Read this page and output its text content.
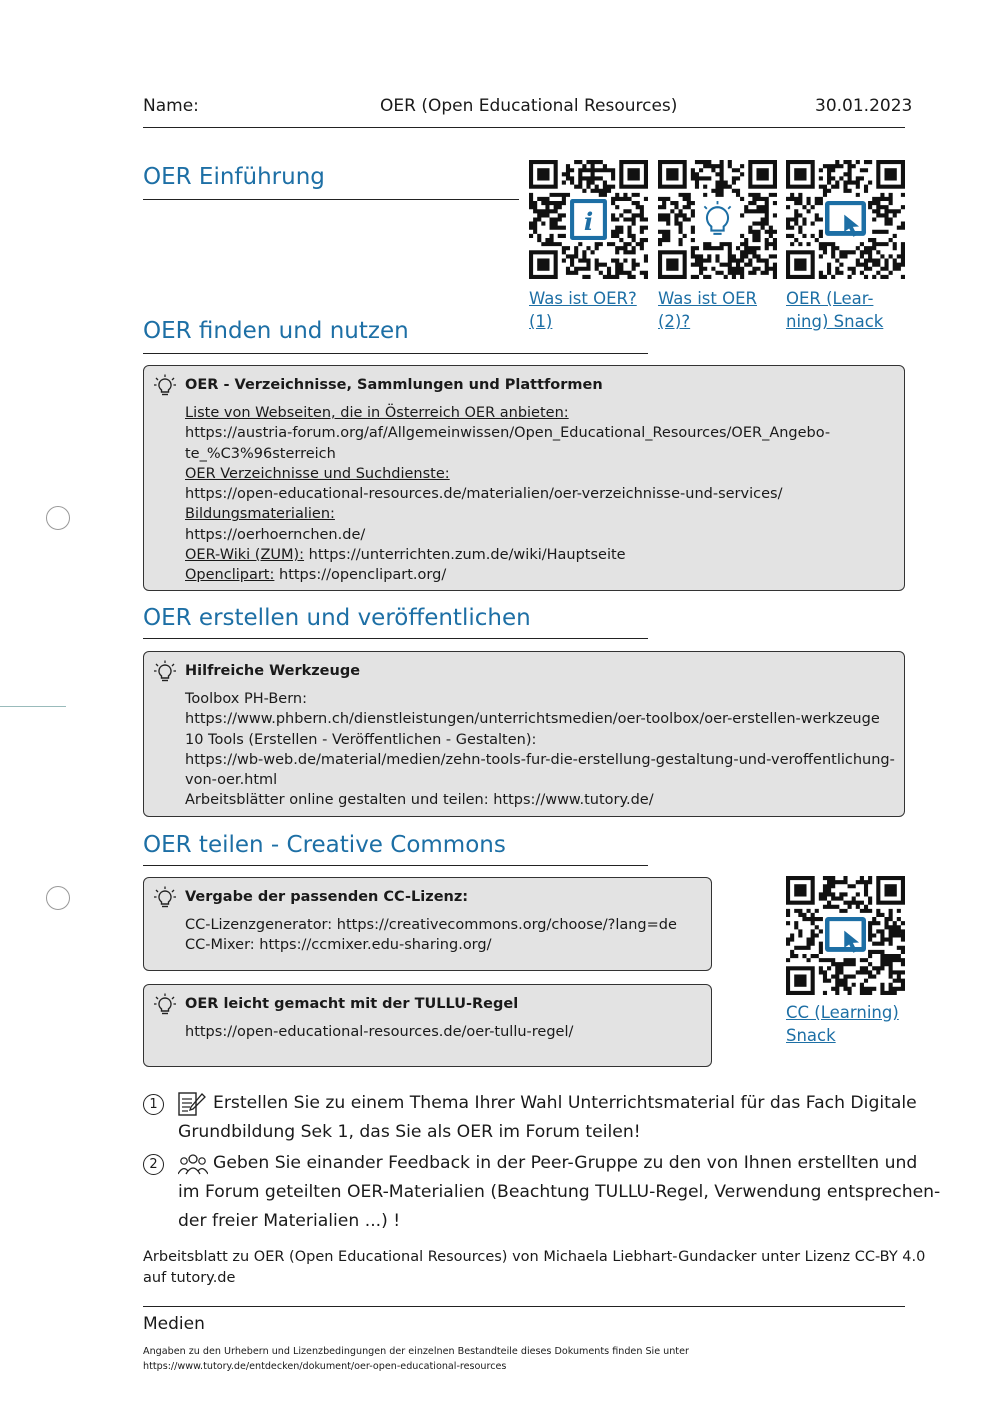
Name:	OER (Open Educational Resources)	30.01.2023
OER Einführung
OER finden und nutzen
i
Was ist OER?
(1)
Was ist OER
(2)?
OER (Lear-
ning) Snack
OER - Verzeichnisse, Sammlungen und Plattformen
Liste von Webseiten, die in Österreich OER anbieten:
https://austria-forum.org/af/Allgemeinwissen/Open_Educational_Resources/OER_Angebo-
te_%C3%96sterreich
OER Verzeichnisse und Suchdienste:
https://open-educational-resources.de/materialien/oer-verzeichnisse-und-services/
Bildungsmaterialien:
https://oerhoernchen.de/
OER-Wiki (ZUM): https://unterrichten.zum.de/wiki/Hauptseite
Openclipart: https://openclipart.org/
OER erstellen und veröffentlichen
Hilfreiche Werkzeuge
Toolbox PH-Bern:
https://www.phbern.ch/dienstleistungen/unterrichtsmedien/oer-toolbox/oer-erstellen-werkzeuge
10 Tools (Erstellen - Veröffentlichen - Gestalten):
https://wb-web.de/material/medien/zehn-tools-fur-die-erstellung-gestaltung-und-veroffentlichung-
von-oer.html
Arbeitsblätter online gestalten und teilen: https://www.tutory.de/
OER teilen - Creative Commons
Vergabe der passenden CC-Lizenz:
CC-Lizenzgenerator: https://creativecommons.org/choose/?lang=de
CC-Mixer: https://ccmixer.edu-sharing.org/
OER leicht gemacht mit der TULLU-Regel
https://open-educational-resources.de/oer-tullu-regel/
CC (Learning)
Snack
1	Erstellen Sie zu einem Thema Ihrer Wahl Unterrichtsmaterial für das Fach Digitale
Grundbildung Sek 1, das Sie als OER im Forum teilen!
2	Geben Sie einander Feedback in der Peer-Gruppe zu den von Ihnen erstellten und
im Forum geteilten OER-Materialien (Beachtung TULLU-Regel, Verwendung entsprechen-
der freier Materialien ...) !
Arbeitsblatt zu OER (Open Educational Resources) von Michaela Liebhart-Gundacker unter Lizenz CC-BY 4.0
auf tutory.de
Medien
Angaben zu den Urhebern und Lizenzbedingungen der einzelnen Bestandteile dieses Dokuments finden Sie unter
https://www.tutory.de/entdecken/dokument/oer-open-educational-resources
